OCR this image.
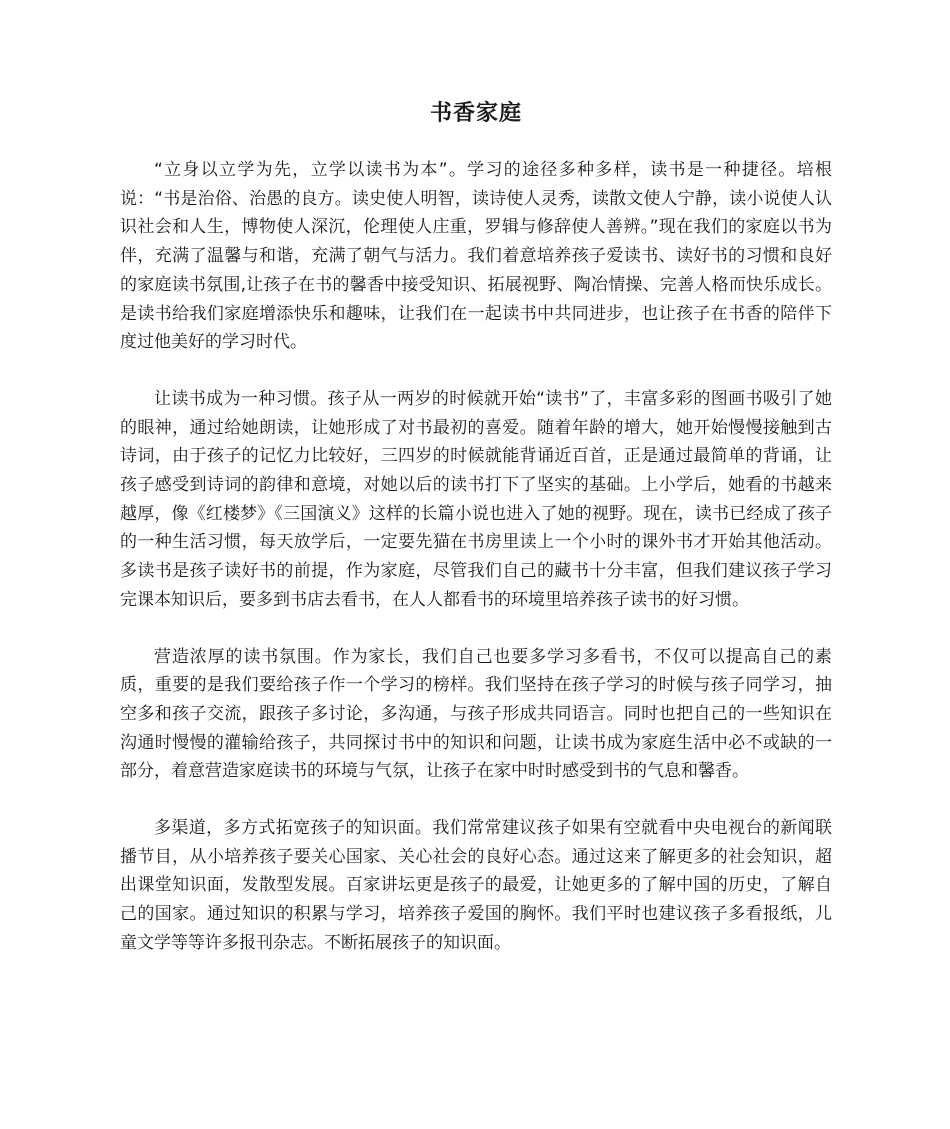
书香家庭

“立身以立学为先，立学以读书为本”。学习的途径多种多样，读书是一种捷径。培根说：“书是治俗、治愚的良方。读史使人明智，读诗使人灵秀，读散文使人宁静，读小说使人认识社会和人生，博物使人深沉，伦理使人庄重，罗辑与修辞使人善辨。”现在我们的家庭以书为伴，充满了温馨与和谐，充满了朝气与活力。我们着意培养孩子爱读书、读好书的习惯和良好的家庭读书氛围,让孩子在书的馨香中接受知识、拓展视野、陶冶情操、完善人格而快乐成长。是读书给我们家庭增添快乐和趣味，让我们在一起读书中共同进步，也让孩子在书香的陪伴下度过他美好的学习时代。

让读书成为一种习惯。孩子从一两岁的时候就开始“读书”了，丰富多彩的图画书吸引了她的眼神，通过给她朗读，让她形成了对书最初的喜爱。随着年龄的增大，她开始慢慢接触到古诗词，由于孩子的记忆力比较好，三四岁的时候就能背诵近百首，正是通过最简单的背诵，让孩子感受到诗词的韵律和意境，对她以后的读书打下了坚实的基础。上小学后，她看的书越来越厚，像《红楼梦》《三国演义》这样的长篇小说也进入了她的视野。现在，读书已经成了孩子的一种生活习惯，每天放学后，一定要先猫在书房里读上一个小时的课外书才开始其他活动。多读书是孩子读好书的前提，作为家庭，尽管我们自己的藏书十分丰富，但我们建议孩子学习完课本知识后，要多到书店去看书，在人人都看书的环境里培养孩子读书的好习惯。

营造浓厚的读书氛围。作为家长，我们自己也要多学习多看书，不仅可以提高自己的素质，重要的是我们要给孩子作一个学习的榜样。我们坚持在孩子学习的时候与孩子同学习，抽空多和孩子交流，跟孩子多讨论，多沟通，与孩子形成共同语言。同时也把自己的一些知识在沟通时慢慢的灌输给孩子，共同探讨书中的知识和问题，让读书成为家庭生活中必不或缺的一部分，着意营造家庭读书的环境与气氛，让孩子在家中时时感受到书的气息和馨香。

多渠道，多方式拓宽孩子的知识面。我们常常建议孩子如果有空就看中央电视台的新闻联播节目，从小培养孩子要关心国家、关心社会的良好心态。通过这来了解更多的社会知识，超出课堂知识面，发散型发展。百家讲坛更是孩子的最爱，让她更多的了解中国的历史，了解自己的国家。通过知识的积累与学习，培养孩子爱国的胸怀。我们平时也建议孩子多看报纸，儿童文学等等许多报刊杂志。不断拓展孩子的知识面。
